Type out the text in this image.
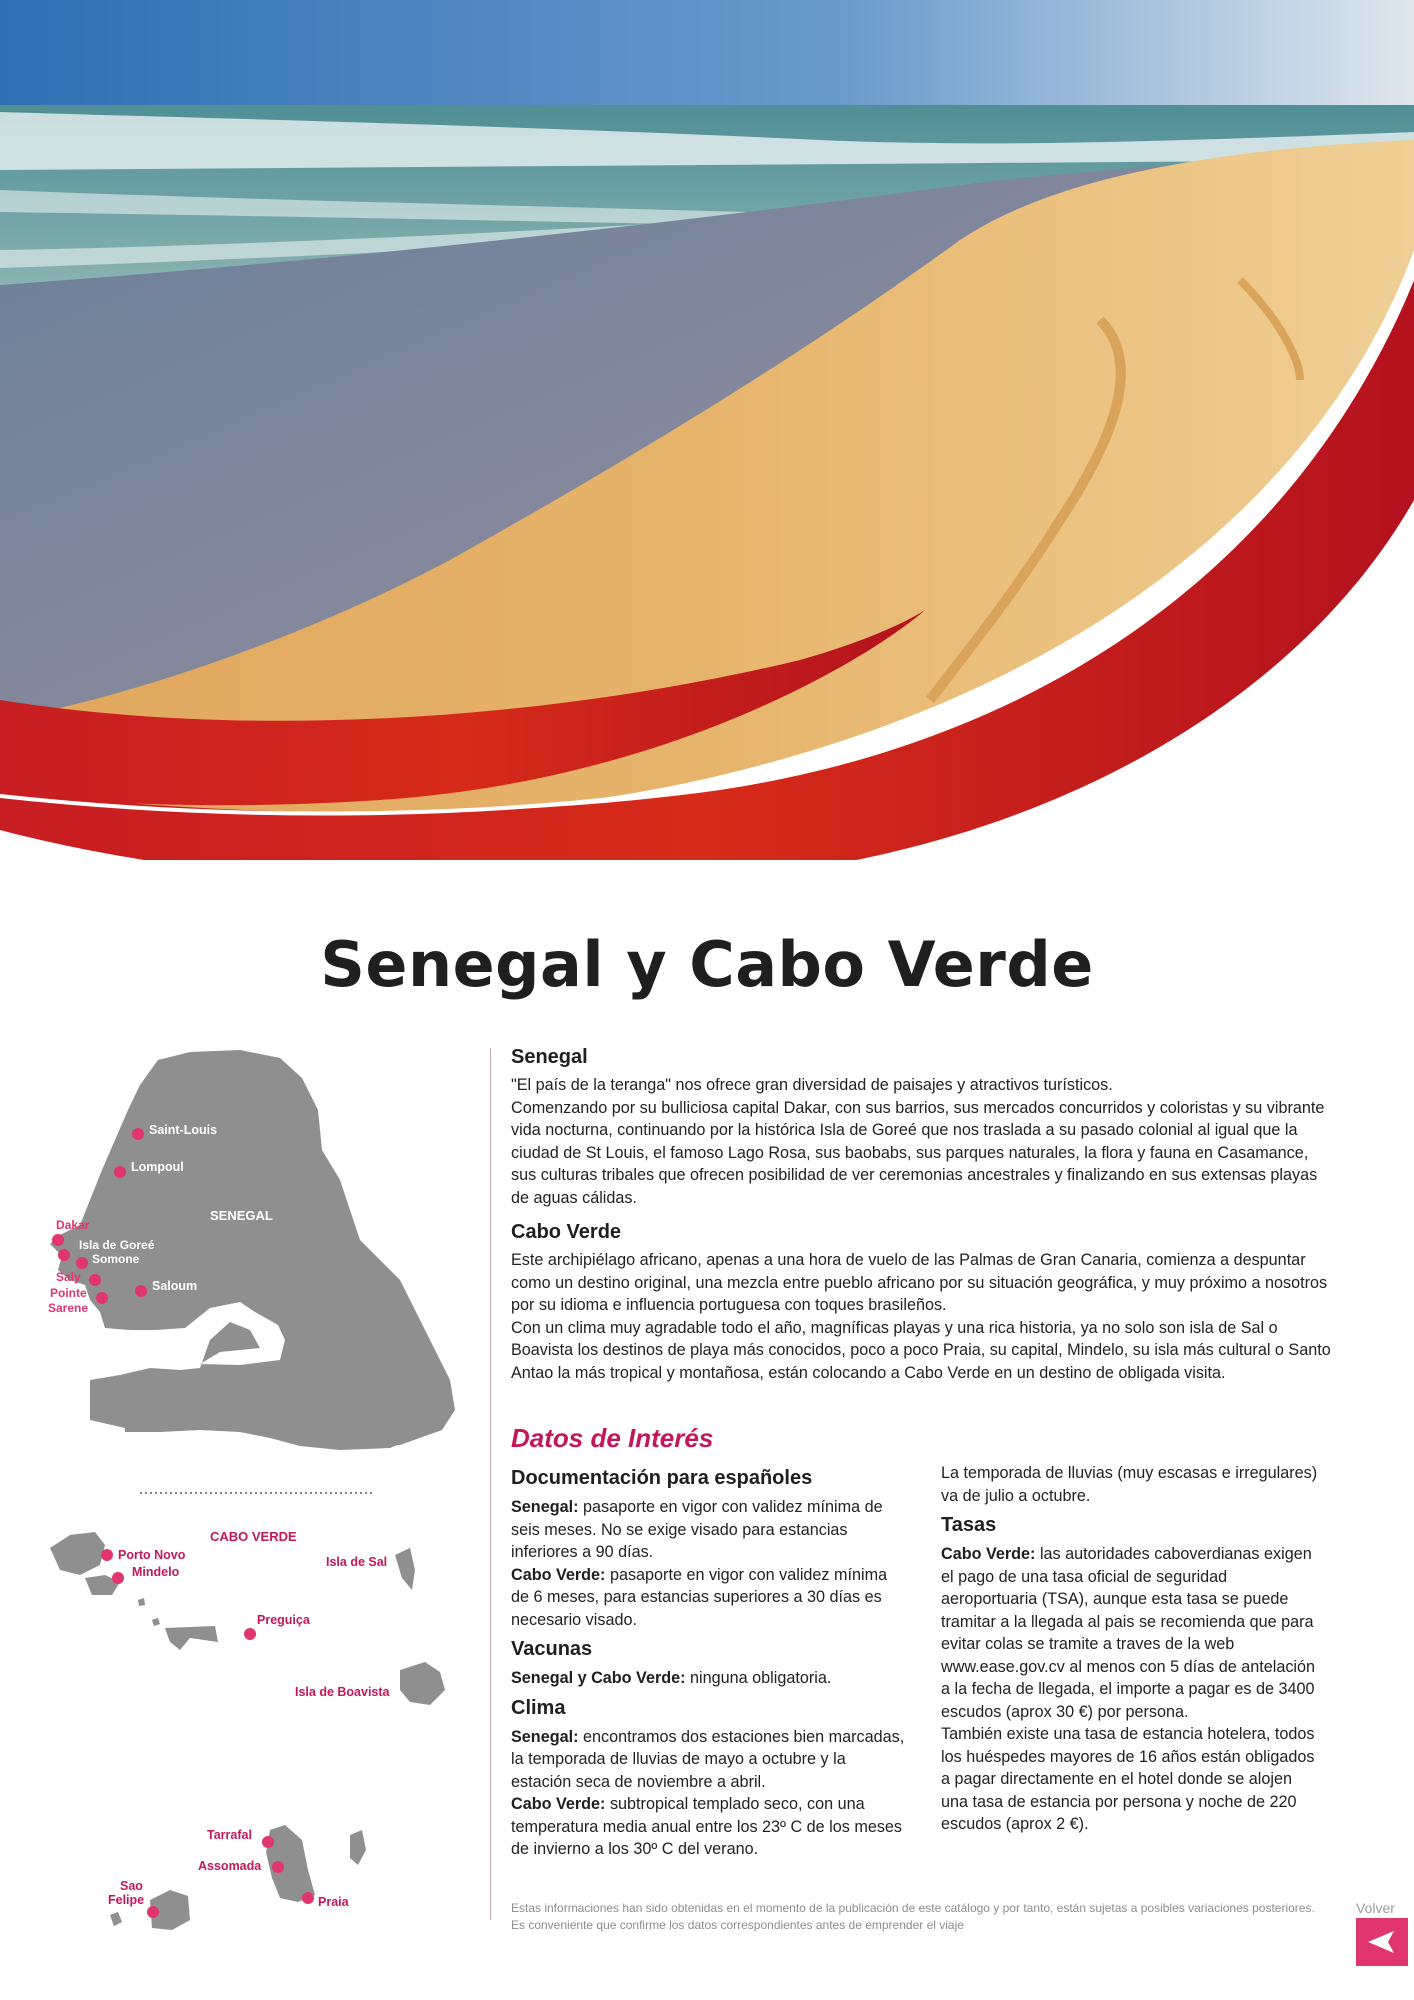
Senegal y Cabo Verde
SENEGAL
Saint-Louis
Lompoul
Dakar
Isla de Goreé
Somone
Saly
Saloum
Pointe
Sarene
CABO VERDE
Porto Novo
Mindelo
Isla de Sal
Preguiça
Isla de Boavista
Tarrafal
Assomada
Praia
Sao
Felipe
Senegal

"El país de la teranga" nos ofrece gran diversidad de paisajes y atractivos turísticos.

Comenzando por su bulliciosa capital Dakar, con sus barrios, sus mercados concurridos y coloristas y su vibrante vida nocturna, continuando por la histórica Isla de Goreé que nos traslada a su pasado colonial al igual que la ciudad de St Louis, el famoso Lago Rosa, sus baobabs, sus parques naturales, la flora y fauna en Casamance, sus culturas tribales que ofrecen posibilidad de ver ceremonias ancestrales y finalizando en sus extensas playas de aguas cálidas.

Cabo Verde

Este archipiélago africano, apenas a una hora de vuelo de las Palmas de Gran Canaria, comienza a despuntar como un destino original, una mezcla entre pueblo africano por su situación geográfica, y muy próximo a nosotros por su idioma e influencia portuguesa con toques brasileños.

Con un clima muy agradable todo el año, magníficas playas y una rica historia, ya no solo son isla de Sal o Boavista los destinos de playa más conocidos, poco a poco Praia, su capital, Mindelo, su isla más cultural o Santo Antao la más tropical y montañosa, están colocando a Cabo Verde en un destino de obligada visita.

Datos de Interés
Documentación para españoles

Senegal: pasaporte en vigor con validez mínima de seis meses. No se exige visado para estancias inferiores a 90 días.
Cabo Verde: pasaporte en vigor con validez mínima de 6 meses, para estancias superiores a 30 días es necesario visado.

Vacunas

Senegal y Cabo Verde: ninguna obligatoria.

Clima

Senegal: encontramos dos estaciones bien marcadas, la temporada de lluvias de mayo a octubre y la estación seca de noviembre a abril.
Cabo Verde: subtropical templado seco, con una temperatura media anual entre los 23º C de los meses de invierno a los 30º C del verano.

La temporada de lluvias (muy escasas e irregulares) va de julio a octubre.

Tasas

Cabo Verde: las autoridades caboverdianas exigen el pago de una tasa oficial de seguridad aeroportuaria (TSA), aunque esta tasa se puede tramitar a la llegada al pais se recomienda que para evitar colas se tramite a traves de la web www.ease.gov.cv al menos con 5 días de antelación a la fecha de llegada, el importe a pagar es de 3400 escudos (aprox 30 €) por persona.
También existe una tasa de estancia hotelera, todos los huéspedes mayores de 16 años están obligados a pagar directamente en el hotel donde se alojen una tasa de estancia por persona y noche de 220 escudos (aprox 2 €).

Estas informaciones han sido obtenidas en el momento de la publicación de este catálogo y por tanto, están sujetas a posibles variaciones posteriores. Es conveniente que confirme los datos correspondientes antes de emprender el viaje

Volver
